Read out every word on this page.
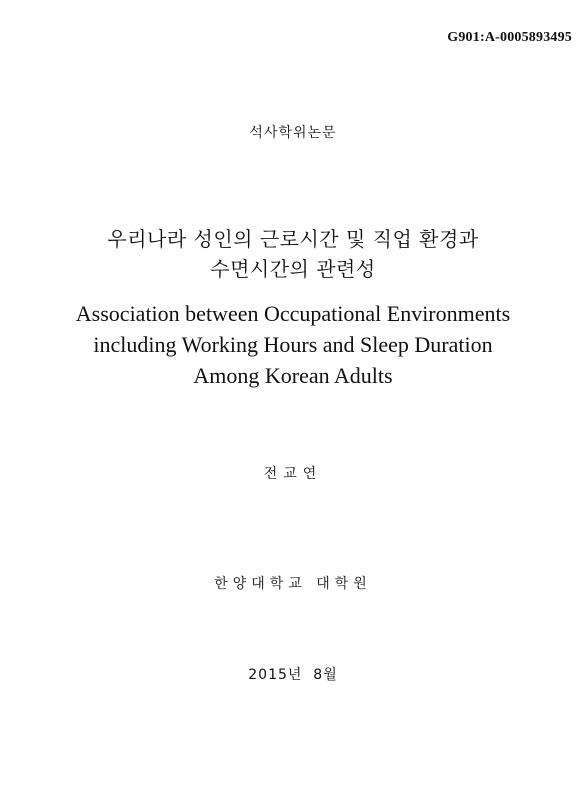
G901:A-0005893495
석사학위논문
우리나라 성인의 근로시간 및 직업 환경과
수면시간의 관련성
Association between Occupational Environments
including Working Hours and Sleep Duration
Among Korean Adults
전교연
한양대학교 대학원
2015년  8월
